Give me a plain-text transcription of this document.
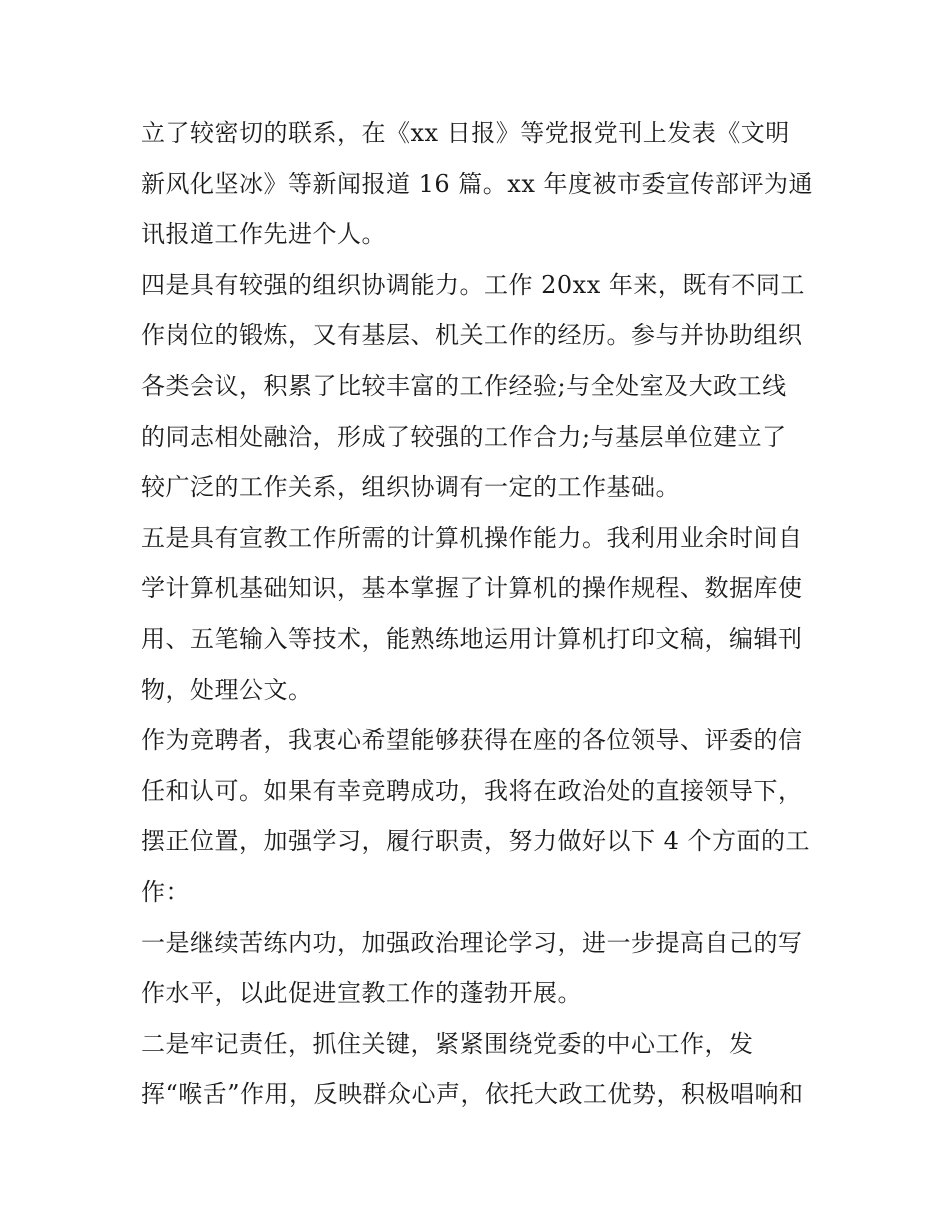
立了较密切的联系，在《xx 日报》等党报党刊上发表《文明
新风化坚冰》等新闻报道 16 篇。xx 年度被市委宣传部评为通
讯报道工作先进个人。
四是具有较强的组织协调能力。工作 20xx 年来，既有不同工
作岗位的锻炼，又有基层、机关工作的经历。参与并协助组织
各类会议，积累了比较丰富的工作经验;与全处室及大政工线
的同志相处融洽，形成了较强的工作合力;与基层单位建立了
较广泛的工作关系，组织协调有一定的工作基础。
五是具有宣教工作所需的计算机操作能力。我利用业余时间自
学计算机基础知识，基本掌握了计算机的操作规程、数据库使
用、五笔输入等技术，能熟练地运用计算机打印文稿，编辑刊
物，处理公文。
作为竞聘者，我衷心希望能够获得在座的各位领导、评委的信
任和认可。如果有幸竞聘成功，我将在政治处的直接领导下，
摆正位置，加强学习，履行职责，努力做好以下 4 个方面的工
作：
一是继续苦练内功，加强政治理论学习，进一步提高自己的写
作水平，以此促进宣教工作的蓬勃开展。
二是牢记责任，抓住关键，紧紧围绕党委的中心工作，发
挥“喉舌”作用，反映群众心声，依托大政工优势，积极唱响和
